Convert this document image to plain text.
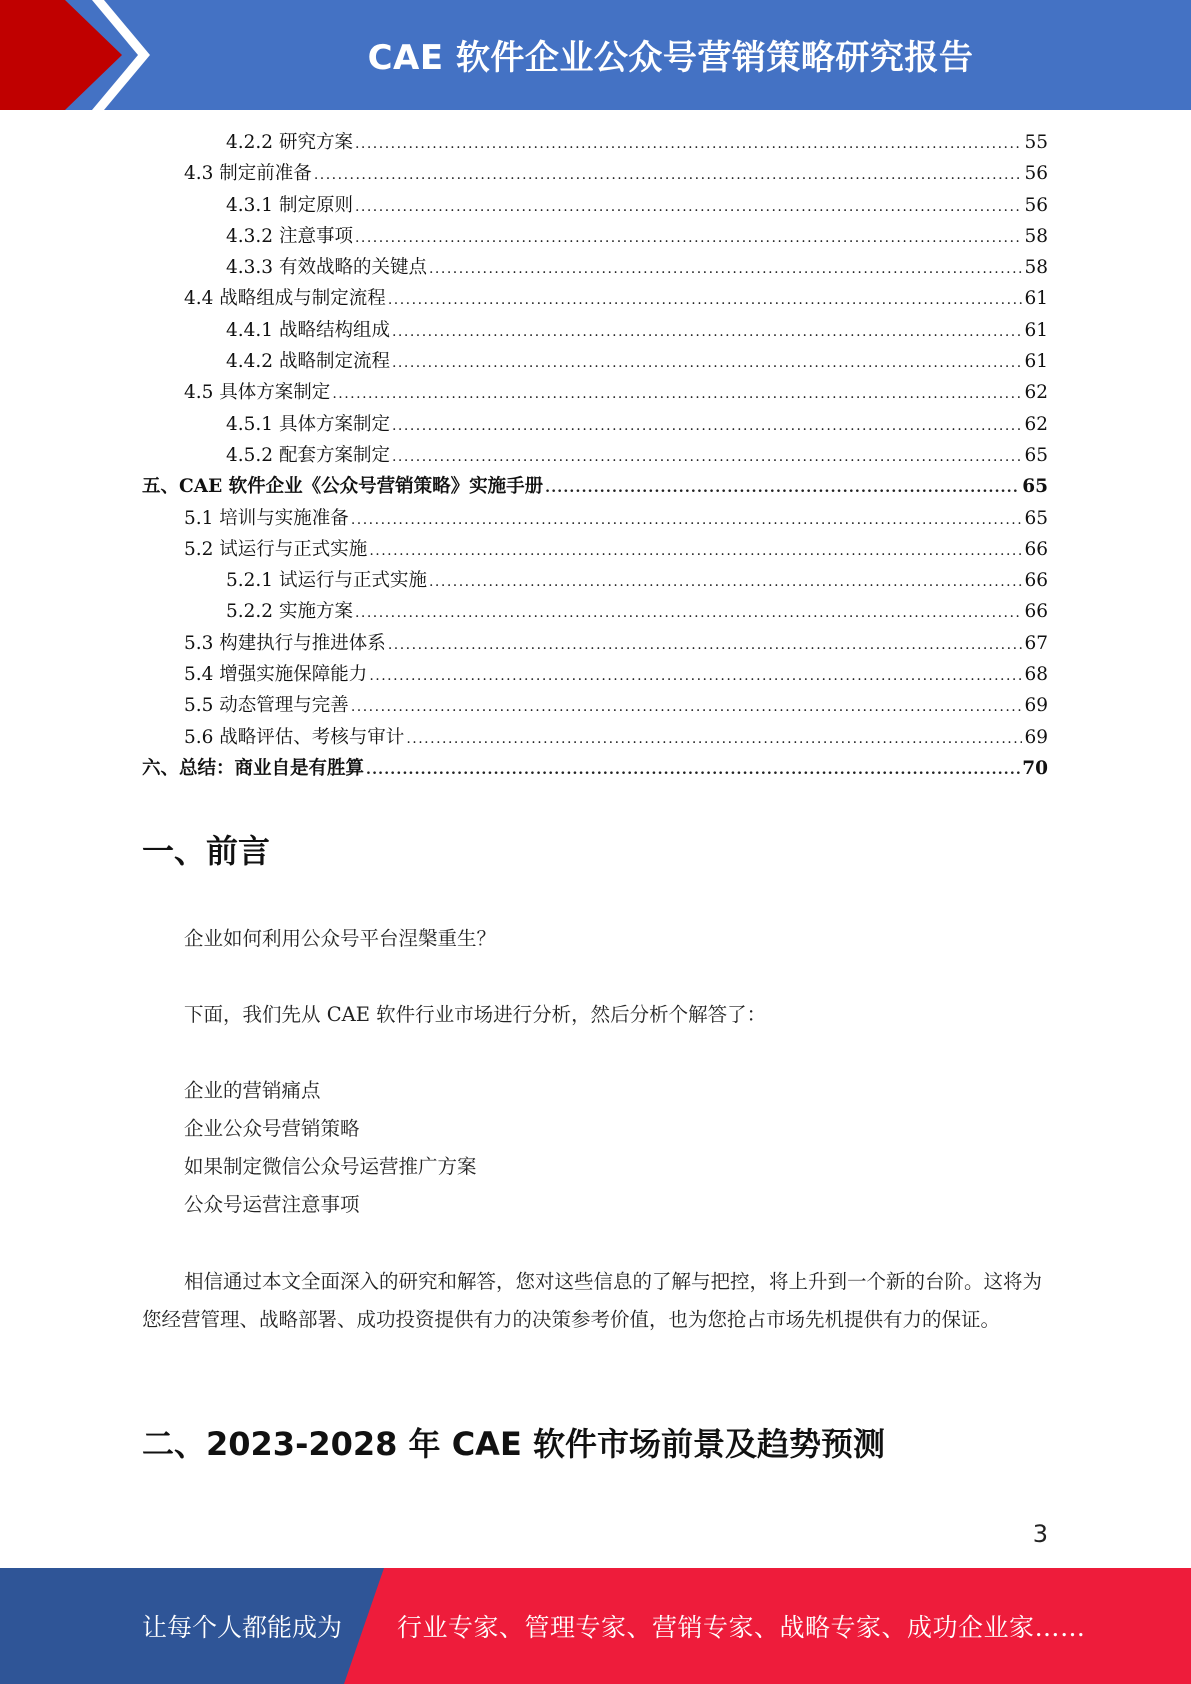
CAE 软件企业公众号营销策略研究报告
4.2.2 研究方案 .....	55
4.3 制定前准备 .....	56
4.3.1 制定原则 .....	56
4.3.2 注意事项 .....	58
4.3.3 有效战略的关键点 .....	58
4.4 战略组成与制定流程 .....	61
4.4.1 战略结构组成 .....	61
4.4.2 战略制定流程 .....	61
4.5 具体方案制定 .....	62
4.5.1 具体方案制定 .....	62
4.5.2 配套方案制定 .....	65
五、CAE 软件企业《公众号营销策略》实施手册 .....	65
5.1 培训与实施准备 .....	65
5.2 试运行与正式实施 .....	66
5.2.1 试运行与正式实施 .....	66
5.2.2 实施方案 .....	66
5.3 构建执行与推进体系 .....	67
5.4 增强实施保障能力 .....	68
5.5 动态管理与完善 .....	69
5.6 战略评估、考核与审计 .....	69
六、总结：商业自是有胜算 .....	70
一、前言
企业如何利用公众号平台涅槃重生？
下面，我们先从 CAE 软件行业市场进行分析，然后分析个解答了：
企业的营销痛点
企业公众号营销策略
如果制定微信公众号运营推广方案
公众号运营注意事项
相信通过本文全面深入的研究和解答，您对这些信息的了解与把控，将上升到一个新的台阶。这将为您经营管理、战略部署、成功投资提供有力的决策参考价值，也为您抢占市场先机提供有力的保证。
二、2023-2028 年 CAE 软件市场前景及趋势预测
3
让每个人都能成为 行业专家、管理专家、营销专家、战略专家、成功企业家……
